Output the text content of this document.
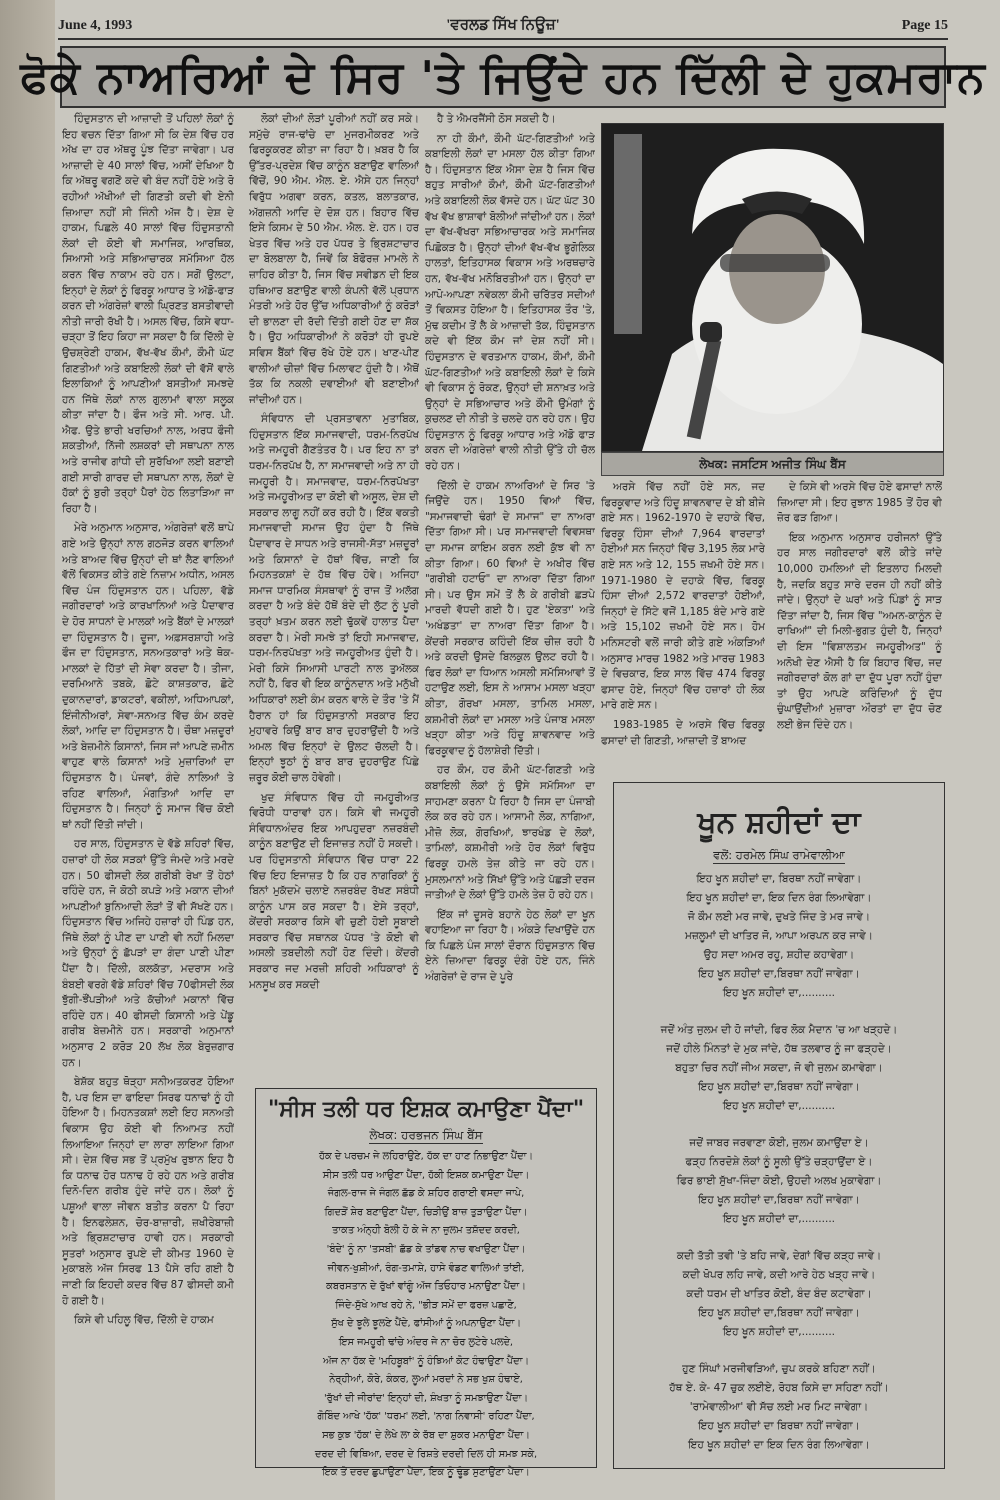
June 4, 1993	'ਵਰਲਡ ਸਿੱਖ ਨਿਊਜ਼'	Page 15
ਫੋਕੇ ਨਾਅਰਿਆਂ ਦੇ ਸਿਰ 'ਤੇ ਜਿਉਂਦੇ ਹਨ ਦਿੱਲੀ ਦੇ ਹੁਕਮਰਾਨ

ਹਿੰਦੁਸਤਾਨ ਦੀ ਆਜ਼ਾਦੀ ਤੋਂ ਪਹਿਲਾਂ ਲੋਕਾਂ ਨੂੰ ਇਹ ਵਚਨ ਦਿੱਤਾ ਗਿਆ ਸੀ ਕਿ ਦੇਸ਼ ਵਿੱਚ ਹਰ ਅੱਖ ਦਾ ਹਰ ਅੱਥਰੂ ਪੂੰਝ ਦਿੱਤਾ ਜਾਵੇਗਾ। ਪਰ ਆਜ਼ਾਦੀ ਦੇ 40 ਸਾਲਾਂ ਵਿੱਚ, ਅਸੀਂ ਦੇਖਿਆ ਹੈ ਕਿ ਅੱਥਰੂ ਵਗਣੋਂ ਕਦੇ ਵੀ ਬੰਦ ਨਹੀਂ ਹੋਏ ਅਤੇ ਰੋ ਰਹੀਆਂ ਅੱਖੀਆਂ ਦੀ ਗਿਣਤੀ ਕਦੀ ਵੀ ਏਨੀ ਜ਼ਿਆਦਾ ਨਹੀਂ ਸੀ ਜਿੰਨੀ ਅੱਜ ਹੈ। ਦੇਸ਼ ਦੇ ਹਾਕਮ, ਪਿਛਲੇ 40 ਸਾਲਾਂ ਵਿੱਚ ਹਿੰਦੁਸਤਾਨੀ ਲੋਕਾਂ ਦੀ ਕੋਈ ਵੀ ਸਮਾਜਿਕ, ਆਰਥਿਕ, ਸਿਆਸੀ ਅਤੇ ਸਭਿਆਚਾਰਕ ਸਮੱਸਿਆ ਹੱਲ ਕਰਨ ਵਿੱਚ ਨਾਕਾਮ ਰਹੇ ਹਨ। ਸਗੋਂ ਉਲਟਾ, ਇਨ੍ਹਾਂ ਦੇ ਲੋਕਾਂ ਨੂੰ ਫਿਰਕੂ ਆਧਾਰ ਤੇ ਅੱਡੋ-ਫਾੜ ਕਰਨ ਦੀ ਅੰਗਰੇਜ਼ਾਂ ਵਾਲੀ ਘ੍ਰਿਣਤ ਬਸਤੀਵਾਦੀ ਨੀਤੀ ਜਾਰੀ ਰੱਖੀ ਹੈ। ਅਸਲ ਵਿੱਚ, ਕਿਸੇ ਵਧਾ-ਚੜ੍ਹਾ ਤੋਂ ਇਹ ਕਿਹਾ ਜਾ ਸਕਦਾ ਹੈ ਕਿ ਦਿੱਲੀ ਦੇ ਉਚਸ਼੍ਰੇਣੀ ਹਾਕਮ, ਵੱਖ-ਵੱਖ ਕੌਮਾਂ, ਕੌਮੀ ਘੱਟ ਗਿਣਤੀਆਂ ਅਤੇ ਕਬਾਇਲੀ ਲੋਕਾਂ ਦੀ ਵੱਸੋਂ ਵਾਲੇ ਇਲਾਕਿਆਂ ਨੂੰ ਆਪਣੀਆਂ ਬਸਤੀਆਂ ਸਮਝਦੇ ਹਨ ਜਿੱਥੇ ਲੋਕਾਂ ਨਾਲ ਗੁਲਾਮਾਂ ਵਾਲਾ ਸਲੂਕ ਕੀਤਾ ਜਾਂਦਾ ਹੈ। ਫੌਜ ਅਤੇ ਸੀ. ਆਰ. ਪੀ. ਐਫ. ਉਤੇ ਭਾਰੀ ਖਰਚਿਆਂ ਨਾਲ, ਅਰਧ ਫੌਜੀ ਸ਼ਕਤੀਆਂ, ਨਿੱਜੀ ਲਸ਼ਕਰਾਂ ਦੀ ਸਥਾਪਨਾ ਨਾਲ ਅਤੇ ਰਾਜੀਵ ਗਾਂਧੀ ਦੀ ਸੁਰੱਖਿਆ ਲਈ ਬਣਾਈ ਗਈ ਸਾਰੀ ਗਾਰਦ ਦੀ ਸਥਾਪਨਾ ਨਾਲ, ਲੋਕਾਂ ਦੇ ਹੱਕਾਂ ਨੂੰ ਬੁਰੀ ਤਰ੍ਹਾਂ ਪੈਰਾਂ ਹੇਠ ਲਿਤਾੜਿਆ ਜਾ ਰਿਹਾ ਹੈ।

ਮੇਰੇ ਅਨੁਮਾਨ ਅਨੁਸਾਰ, ਅੰਗਰੇਜ਼ਾਂ ਵਲੋਂ ਥਾਪੇ ਗਏ ਅਤੇ ਉਨ੍ਹਾਂ ਨਾਲ ਗਠਜੋੜ ਕਰਨ ਵਾਲਿਆਂ ਅਤੇ ਬਾਅਦ ਵਿੱਚ ਉਨ੍ਹਾਂ ਦੀ ਥਾਂ ਲੈਣ ਵਾਲਿਆਂ ਵੱਲੋਂ ਵਿਕਸਤ ਕੀਤੇ ਗਏ ਨਿਜ਼ਾਮ ਅਧੀਨ, ਅਸਲ ਵਿੱਚ ਪੰਜ ਹਿੰਦੁਸਤਾਨ ਹਨ। ਪਹਿਲਾ, ਵੱਡੇ ਜਗੀਰਦਾਰਾਂ ਅਤੇ ਕਾਰਖਾਨਿਆਂ ਅਤੇ ਪੈਦਾਵਾਰ ਦੇ ਹੋਰ ਸਾਧਨਾਂ ਦੇ ਮਾਲਕਾਂ ਅਤੇ ਬੈਂਕਾਂ ਦੇ ਮਾਲਕਾਂ ਦਾ ਹਿੰਦੁਸਤਾਨ ਹੈ। ਦੂਜਾ, ਅਫ਼ਸਰਸ਼ਾਹੀ ਅਤੇ ਫੌਜ ਦਾ ਹਿੰਦੁਸਤਾਨ, ਸਨਅਤਕਾਰਾਂ ਅਤੇ ਥੋਕ-ਮਾਲਕਾਂ ਦੇ ਹਿੱਤਾਂ ਦੀ ਸੇਵਾ ਕਰਦਾ ਹੈ। ਤੀਜਾ, ਦਰਮਿਆਨੇ ਤਬਕੇ, ਛੋਟੇ ਕਾਸ਼ਤਕਾਰ, ਛੋਟੇ ਦੁਕਾਨਦਾਰਾਂ, ਡਾਕਟਰਾਂ, ਵਕੀਲਾਂ, ਅਧਿਆਪਕਾਂ, ਇੰਜੀਨੀਅਰਾਂ, ਸੇਵਾ-ਸਨਅਤ ਵਿੱਚ ਕੰਮ ਕਰਦੇ ਲੋਕਾਂ, ਆਦਿ ਦਾ ਹਿੰਦੁਸਤਾਨ ਹੈ। ਚੌਥਾ ਮਜ਼ਦੂਰਾਂ ਅਤੇ ਬੇਜ਼ਮੀਨੇ ਕਿਸਾਨਾਂ, ਜਿਸ ਜਾਂ ਆਪਣੇ ਜ਼ਮੀਨ ਵਾਹੁਣ ਵਾਲੇ ਕਿਸਾਨਾਂ ਅਤੇ ਮੁਜ਼ਾਰਿਆਂ ਦਾ ਹਿੰਦੁਸਤਾਨ ਹੈ। ਪੰਜਵਾਂ, ਗੰਦੇ ਨਾਲਿਆਂ ਤੇ ਰਹਿਣ ਵਾਲਿਆਂ, ਮੰਗਤਿਆਂ ਆਦਿ ਦਾ ਹਿੰਦੁਸਤਾਨ ਹੈ। ਜਿਨ੍ਹਾਂ ਨੂੰ ਸਮਾਜ ਵਿੱਚ ਕੋਈ ਥਾਂ ਨਹੀਂ ਦਿੱਤੀ ਜਾਂਦੀ।

ਹਰ ਸਾਲ, ਹਿੰਦੁਸਤਾਨ ਦੇ ਵੱਡੇ ਸ਼ਹਿਰਾਂ ਵਿੱਚ, ਹਜ਼ਾਰਾਂ ਹੀ ਲੋਕ ਸੜਕਾਂ ਉੱਤੇ ਜੰਮਦੇ ਅਤੇ ਮਰਦੇ ਹਨ। 50 ਫੀਸਦੀ ਲੋਕ ਗਰੀਬੀ ਰੇਖਾ ਤੋਂ ਹੇਠਾਂ ਰਹਿੰਦੇ ਹਨ, ਜੋ ਕੋਠੀ ਕਪੜੇ ਅਤੇ ਮਕਾਨ ਦੀਆਂ ਆਪਣੀਆਂ ਬੁਨਿਆਦੀ ਲੋੜਾਂ ਤੋਂ ਵੀ ਸੱਖਣੇ ਹਨ। ਹਿੰਦੁਸਤਾਨ ਵਿੱਚ ਅਜਿਹੇ ਹਜ਼ਾਰਾਂ ਹੀ ਪਿੰਡ ਹਨ, ਜਿੱਥੇ ਲੋਕਾਂ ਨੂੰ ਪੀਣ ਦਾ ਪਾਣੀ ਵੀ ਨਹੀਂ ਮਿਲਦਾ ਅਤੇ ਉਨ੍ਹਾਂ ਨੂੰ ਛੱਪੜਾਂ ਦਾ ਗੰਦਾ ਪਾਣੀ ਪੀਣਾ ਪੈਂਦਾ ਹੈ। ਦਿੱਲੀ, ਕਲਕੱਤਾ, ਮਦਰਾਸ ਅਤੇ ਬੰਬਈ ਵਰਗੇ ਵੱਡੇ ਸ਼ਹਿਰਾਂ ਵਿੱਚ 70ਫੀਸਦੀ ਲੋਕ ਝੁੱਗੀ-ਝੌਂਪੜੀਆਂ ਅਤੇ ਕੱਚੀਆਂ ਮਕਾਨਾਂ ਵਿੱਚ ਰਹਿੰਦੇ ਹਨ। 40 ਫੀਸਦੀ ਕਿਸਾਨੀ ਅਤੇ ਪੇਂਡੂ ਗਰੀਬ ਬੇਜ਼ਮੀਨੇ ਹਨ। ਸਰਕਾਰੀ ਅਨੁਮਾਨਾਂ ਅਨੁਸਾਰ 2 ਕਰੋੜ 20 ਲੱਖ ਲੋਕ ਬੇਰੁਜ਼ਗਾਰ ਹਨ।

ਬੇਸ਼ੱਕ ਬਹੁਤ ਥੋੜ੍ਹਾ ਸਨੀਅਤਕਰਣ ਹੋਇਆ ਹੈ, ਪਰ ਇਸ ਦਾ ਫਾਇਦਾ ਸਿਰਫ ਧਨਾਢਾਂ ਨੂੰ ਹੀ ਹੋਇਆ ਹੈ। ਮਿਹਨਤਕਸ਼ਾਂ ਲਈ ਇਹ ਸਨਅਤੀ ਵਿਕਾਸ ਉਹ ਕੋਈ ਵੀ ਨਿਆਮਤ ਨਹੀਂ ਲਿਆਇਆ ਜਿਨ੍ਹਾਂ ਦਾ ਲਾਰਾ ਲਾਇਆ ਗਿਆ ਸੀ। ਦੇਸ਼ ਵਿੱਚ ਸਭ ਤੋਂ ਪ੍ਰਮੁੱਖ ਰੁਝਾਨ ਇਹ ਹੈ ਕਿ ਧਨਾਢ ਹੋਰ ਧਨਾਢ ਹੋ ਰਹੇ ਹਨ ਅਤੇ ਗਰੀਬ ਦਿਨੋ-ਦਿਨ ਗਰੀਬ ਹੁੰਦੇ ਜਾਂਦੇ ਹਨ। ਲੋਕਾਂ ਨੂੰ ਪਸ਼ੂਆਂ ਵਾਲਾ ਜੀਵਨ ਬਤੀਤ ਕਰਨਾ ਪੈ ਰਿਹਾ ਹੈ। ਇਨਫਲੇਸ਼ਨ, ਚੋਰ-ਬਾਜ਼ਾਰੀ, ਜ਼ਖੀਰੇਬਾਜ਼ੀ ਅਤੇ ਭ੍ਰਿਸ਼ਟਾਚਾਰ ਹਾਵੀ ਹਨ। ਸਰਕਾਰੀ ਸੂਤਰਾਂ ਅਨੁਸਾਰ ਰੁਪਏ ਦੀ ਕੀਮਤ 1960 ਦੇ ਮੁਕਾਬਲੇ ਅੱਜ ਸਿਰਫ 13 ਪੈਸੇ ਰਹਿ ਗਈ ਹੈ ਜਾਣੀ ਕਿ ਇਹਦੀ ਕਦਰ ਵਿੱਚ 87 ਫੀਸਦੀ ਕਮੀ ਹੋ ਗਈ ਹੈ।

ਕਿਸੇ ਵੀ ਪਹਿਲੂ ਵਿੱਚ, ਦਿੱਲੀ ਦੇ ਹਾਕਮ

ਲੋਕਾਂ ਦੀਆਂ ਲੋੜਾਂ ਪੂਰੀਆਂ ਨਹੀਂ ਕਰ ਸਕੇ। ਸਮੁੱਚੇ ਰਾਜ-ਢਾਂਚੇ ਦਾ ਮੁਜਰਮੀਕਰਣ ਅਤੇ ਫਿਰਕੂਕਰਣ ਕੀਤਾ ਜਾ ਰਿਹਾ ਹੈ। ਖ਼ਬਰ ਹੈ ਕਿ ਉੱਤਰ-ਪ੍ਰਦੇਸ਼ ਵਿੱਚ ਕਾਨੂੰਨ ਬਣਾਉਣ ਵਾਲਿਆਂ ਵਿੱਚੋਂ, 90 ਐਮ. ਐਲ. ਏ. ਐਸੇ ਹਨ ਜਿਨ੍ਹਾਂ ਵਿਰੁੱਧ ਅਗਵਾ ਕਰਨ, ਕਤਲ, ਬਲਾਤਕਾਰ, ਅੱਗਜ਼ਨੀ ਆਦਿ ਦੇ ਦੋਸ਼ ਹਨ। ਬਿਹਾਰ ਵਿੱਚ ਇਸੇ ਕਿਸਮ ਦੇ 50 ਐਮ. ਐਲ. ਏ. ਹਨ। ਹਰ ਖੇਤਰ ਵਿੱਚ ਅਤੇ ਹਰ ਪੱਧਰ ਤੇ ਭ੍ਰਿਸ਼ਟਾਚਾਰ ਦਾ ਬੋਲਬਾਲਾ ਹੈ, ਜਿਵੇਂ ਕਿ ਬੋਫੋਰਜ਼ ਮਾਮਲੇ ਨੇ ਜ਼ਾਹਿਰ ਕੀਤਾ ਹੈ, ਜਿਸ ਵਿੱਚ ਸਵੀਡਨ ਦੀ ਇਕ ਹਥਿਆਰ ਬਣਾਉਣ ਵਾਲੀ ਕੰਪਨੀ ਵੱਲੋਂ ਪ੍ਰਧਾਨ ਮੰਤਰੀ ਅਤੇ ਹੋਰ ਉੱਚ ਅਧਿਕਾਰੀਆਂ ਨੂੰ ਕਰੋੜਾਂ ਦੀ ਭਾਲਣਾ ਦੀ ਰੱਦੀ ਦਿੱਤੀ ਗਈ ਹੋਣ ਦਾ ਸ਼ੱਕ ਹੈ। ਉਹ ਅਧਿਕਾਰੀਆਂ ਨੇ ਕਰੋੜਾਂ ਹੀ ਰੁਪਏ ਸਵਿਸ ਬੈਂਕਾਂ ਵਿੱਚ ਰੱਖੇ ਹੋਏ ਹਨ। ਖਾਣ-ਪੀਣ ਵਾਲੀਆਂ ਚੀਜ਼ਾਂ ਵਿੱਚ ਮਿਲਾਵਟ ਹੁੰਦੀ ਹੈ। ਐਥੋਂ ਤੱਕ ਕਿ ਨਕਲੀ ਦਵਾਈਆਂ ਵੀ ਬਣਾਈਆਂ ਜਾਂਦੀਆਂ ਹਨ।

ਸੰਵਿਧਾਨ ਦੀ ਪ੍ਰਸਤਾਵਨਾ ਮੁਤਾਬਿਕ, ਹਿੰਦੁਸਤਾਨ ਇੱਕ ਸਮਾਜਵਾਦੀ, ਧਰਮ-ਨਿਰਪੱਖ ਅਤੇ ਜਮਹੂਰੀ ਗੈਣਤੰਤਰ ਹੈ। ਪਰ ਇਹ ਨਾ ਤਾਂ ਧਰਮ-ਨਿਰਪੱਖ ਹੈ, ਨਾ ਸਮਾਜਵਾਦੀ ਅਤੇ ਨਾ ਹੀ ਜਮਹੂਰੀ ਹੈ। ਸਮਾਜਵਾਦ, ਧਰਮ-ਨਿਰਪੱਖਤਾ ਅਤੇ ਜਮਹੂਰੀਅਤ ਦਾ ਕੋਈ ਵੀ ਅਸੂਲ, ਦੇਸ਼ ਦੀ ਸਰਕਾਰ ਲਾਗੂ ਨਹੀਂ ਕਰ ਰਹੀ ਹੈ। ਇੱਕ ਵਕਤੀ ਸਮਾਜਵਾਦੀ ਸਮਾਜ ਉਹ ਹੁੰਦਾ ਹੈ ਜਿੱਥੇ ਪੈਦਾਵਾਰ ਦੇ ਸਾਧਨ ਅਤੇ ਰਾਜਸੀ-ਸੱਤਾ ਮਜ਼ਦੂਰਾਂ ਅਤੇ ਕਿਸਾਨਾਂ ਦੇ ਹੱਥਾਂ ਵਿੱਚ, ਜਾਣੀ ਕਿ ਮਿਹਨਤਕਸ਼ਾਂ ਦੇ ਹੱਥ ਵਿੱਚ ਹੋਵੇ। ਅਜਿਹਾ ਸਮਾਜ ਧਾਰਮਿਕ ਸੰਸਥਾਵਾਂ ਨੂੰ ਰਾਜ ਤੋਂ ਅਲੱਗ ਕਰਦਾ ਹੈ ਅਤੇ ਬੰਦੇ ਹੱਥੋਂ ਬੰਦੇ ਦੀ ਲੁੱਟ ਨੂੰ ਪੂਰੀ ਤਰ੍ਹਾਂ ਖ਼ਤਮ ਕਰਨ ਲਈ ਢੁੱਕਵੇਂ ਹਾਲਾਤ ਪੈਦਾ ਕਰਦਾ ਹੈ। ਮੇਰੀ ਸਮਝੇ ਤਾਂ ਇਹੀ ਸਮਾਜਵਾਦ, ਧਰਮ-ਨਿਰਪੱਖਤਾ ਅਤੇ ਜਮਹੂਰੀਅਤ ਹੁੰਦੀ ਹੈ। ਮੇਰੀ ਕਿਸੇ ਸਿਆਸੀ ਪਾਰਟੀ ਨਾਲ ਤੁਅੱਲਕ ਨਹੀਂ ਹੈ, ਫਿਰ ਵੀ ਇਕ ਕਾਨੂੰਨਦਾਨ ਅਤੇ ਮਨੁੱਖੀ ਅਧਿਕਾਰਾਂ ਲਈ ਕੰਮ ਕਰਨ ਵਾਲੇ ਦੇ ਤੌਰ 'ਤੇ ਮੈਂ ਹੈਰਾਨ ਹਾਂ ਕਿ ਹਿੰਦੁਸਤਾਨੀ ਸਰਕਾਰ ਇਹ ਮੁਹਾਵਰੇ ਕਿਉਂ ਬਾਰ ਬਾਰ ਦੁਹਰਾਉਂਦੀ ਹੈ ਅਤੇ ਅਮਲ ਵਿੱਚ ਇਨ੍ਹਾਂ ਦੇ ਉਲਟ ਚੱਲਦੀ ਹੈ। ਇਨ੍ਹਾਂ ਝੂਠਾਂ ਨੂੰ ਬਾਰ ਬਾਰ ਦੁਹਰਾਉਣ ਪਿੱਛੇ ਜ਼ਰੂਰ ਕੋਈ ਚਾਲ ਹੋਵੇਗੀ।

ਖੁਦ ਸੰਵਿਧਾਨ ਵਿੱਚ ਹੀ ਜਮਹੂਰੀਅਤ ਵਿਰੋਧੀ ਧਾਰਾਵਾਂ ਹਨ। ਕਿਸੇ ਵੀ ਜਮਹੂਰੀ ਸੰਵਿਧਾਨਅੰਦਰ ਇਕ ਆਪਹੁਦਰਾ ਨਜ਼ਰਬੰਦੀ ਕਾਨੂੰਨ ਬਣਾਉਣ ਦੀ ਇਜਾਜ਼ਤ ਨਹੀਂ ਹੋ ਸਕਦੀ। ਪਰ ਹਿੰਦੁਸਤਾਨੀ ਸੰਵਿਧਾਨ ਵਿੱਚ ਧਾਰਾ 22 ਵਿੱਚ ਇਹ ਇਜਾਜ਼ਤ ਹੈ ਕਿ ਹਰ ਨਾਗਰਿਕਾਂ ਨੂੰ ਬਿਨਾਂ ਮੁਕੱਦਮੇ ਚਲਾਏ ਨਜ਼ਰਬੰਦ ਰੱਖਣ ਸਬੰਧੀ ਕਾਨੂੰਨ ਪਾਸ ਕਰ ਸਕਦਾ ਹੈ। ਏਸੇ ਤਰ੍ਹਾਂ, ਕੇਂਦਰੀ ਸਰਕਾਰ ਕਿਸੇ ਵੀ ਚੁਣੀ ਹੋਈ ਸੂਬਾਈ ਸਰਕਾਰ ਵਿੱਚ ਸਥਾਨਕ ਪੱਧਰ 'ਤੇ ਕੋਈ ਵੀ ਅਸਲੀ ਤਬਦੀਲੀ ਨਹੀਂ ਹੋਣ ਦਿੰਦੀ। ਕੇਂਦਰੀ ਸਰਕਾਰ ਜਦ ਮਰਜ਼ੀ ਸ਼ਹਿਰੀ ਅਧਿਕਾਰਾਂ ਨੂੰ ਮਨਸੂਖ ਕਰ ਸਕਦੀ

ਹੈ ਤੇ ਐਮਰਜੈਂਸੀ ਠੋਸ ਸਕਦੀ ਹੈ।

ਨਾ ਹੀ ਕੌਮਾਂ, ਕੌਮੀ ਘੱਟ-ਗਿਣਤੀਆਂ ਅਤੇ ਕਬਾਇਲੀ ਲੋਕਾਂ ਦਾ ਮਸਲਾ ਹੱਲ ਕੀਤਾ ਗਿਆ ਹੈ। ਹਿੰਦੁਸਤਾਨ ਇੱਕ ਐਸਾ ਦੇਸ਼ ਹੈ ਜਿਸ ਵਿੱਚ ਬਹੁਤ ਸਾਰੀਆਂ ਕੌਮਾਂ, ਕੌਮੀ ਘੱਟ-ਗਿਣਤੀਆਂ ਅਤੇ ਕਬਾਇਲੀ ਲੋਕ ਵੱਸਦੇ ਹਨ। ਘੱਟ ਘੱਟ 30 ਵੱਖ ਵੱਖ ਭਾਸ਼ਾਵਾਂ ਬੋਲੀਆਂ ਜਾਂਦੀਆਂ ਹਨ। ਲੋਕਾਂ ਦਾ ਵੱਖ-ਵੱਖਰਾ ਸਭਿਆਚਾਰਕ ਅਤੇ ਸਮਾਜਿਕ ਪਿਛੋਕੜ ਹੈ। ਉਨ੍ਹਾਂ ਦੀਆਂ ਵੱਖ-ਵੱਖ ਭੂਗੋਲਿਕ ਹਾਲਤਾਂ, ਇਤਿਹਾਸਕ ਵਿਕਾਸ ਅਤੇ ਅਰਥਚਾਰੇ ਹਨ, ਵੱਖ-ਵੱਖ ਮਨੋਬਿਰਤੀਆਂ ਹਨ। ਉਨ੍ਹਾਂ ਦਾ ਆਪੋ-ਆਪਣਾ ਨਵੇਕਲਾ ਕੌਮੀ ਚਰਿੱਤਰ ਸਦੀਆਂ ਤੋਂ ਵਿਕਸਤ ਹੋਇਆ ਹੈ। ਇਤਿਹਾਸਕ ਤੌਰ 'ਤੇ, ਮੁੱਢ ਕਦੀਮ ਤੋਂ ਲੈ ਕੇ ਆਜ਼ਾਦੀ ਤੱਕ, ਹਿੰਦੁਸਤਾਨ ਕਦੇ ਵੀ ਇੱਕ ਕੌਮ ਜਾਂ ਦੇਸ਼ ਨਹੀਂ ਸੀ। ਹਿੰਦੁਸਤਾਨ ਦੇ ਵਰਤਮਾਨ ਹਾਕਮ, ਕੌਮਾਂ, ਕੌਮੀ ਘੱਟ-ਗਿਣਤੀਆਂ ਅਤੇ ਕਬਾਇਲੀ ਲੋਕਾਂ ਦੇ ਕਿਸੇ ਵੀ ਵਿਕਾਸ ਨੂੰ ਰੋਕਣ, ਉਨ੍ਹਾਂ ਦੀ ਸ਼ਨਾਖ਼ਤ ਅਤੇ ਉਨ੍ਹਾਂ ਦੇ ਸਭਿਆਚਾਰ ਅਤੇ ਕੌਮੀ ਉਮੰਗਾਂ ਨੂੰ ਕੁਚਲਣ ਦੀ ਨੀਤੀ ਤੇ ਚਲਦੇ ਹਨ ਰਹੇ ਹਨ। ਉਹ ਹਿੰਦੁਸਤਾਨ ਨੂੰ ਫਿਰਕੂ ਆਧਾਰ ਅਤੇ ਅੱਡੋ ਫਾੜ ਕਰਨ ਦੀ ਅੰਗਰੇਜ਼ਾਂ ਵਾਲੀ ਨੀਤੀ ਉੱਤੇ ਹੀ ਚੱਲ ਰਹੇ ਹਨ।

ਦਿੱਲੀ ਦੇ ਹਾਕਮ ਨਾਅਰਿਆਂ ਦੇ ਸਿਰ 'ਤੇ ਜਿਉਂਦੇ ਹਨ। 1950 ਵਿਆਂ ਵਿੱਚ, "ਸਮਾਜਵਾਦੀ ਢੰਗਾਂ ਦੇ ਸਮਾਜ" ਦਾ ਨਾਅਰਾ ਦਿੱਤਾ ਗਿਆ ਸੀ। ਪਰ ਸਮਾਜਵਾਦੀ ਵਿਵਸਥਾ ਦਾ ਸਮਾਜ ਕਾਇਮ ਕਰਨ ਲਈ ਕੁੱਝ ਵੀ ਨਾ ਕੀਤਾ ਗਿਆ। 60 ਵਿਆਂ ਦੇ ਅਖੀਰ ਵਿੱਚ "ਗਰੀਬੀ ਹਟਾਓ" ਦਾ ਨਾਅਰਾ ਦਿੱਤਾ ਗਿਆ ਸੀ। ਪਰ ਉਸ ਸਮੇਂ ਤੋਂ ਲੈ ਕੇ ਗਰੀਬੀ ਛੜਪੇ ਮਾਰਦੀ ਵੱਧਦੀ ਗਈ ਹੈ। ਹੁਣ 'ਏਕਤਾ' ਅਤੇ 'ਅਖੰਡਤਾ' ਦਾ ਨਾਅਰਾ ਦਿੱਤਾ ਗਿਆ ਹੈ। ਕੇਂਦਰੀ ਸਰਕਾਰ ਕਹਿੰਦੀ ਇੱਕ ਚੀਜ਼ ਰਹੀ ਹੈ ਅਤੇ ਕਰਦੀ ਉਸਦੇ ਬਿਲਕੁਲ ਉਲਟ ਰਹੀ ਹੈ। ਫਿਰ ਲੋਕਾਂ ਦਾ ਧਿਆਨ ਅਸਲੀ ਸਮੱਸਿਆਵਾਂ ਤੋਂ ਹਟਾਉਣ ਲਈ, ਇਸ ਨੇ ਆਸਾਮ ਮਸਲਾ ਖੜ੍ਹਾ ਕੀਤਾ, ਗੋਰਖਾ ਮਸਲਾ, ਤਾਮਿਲ ਮਸਲਾ, ਕਸ਼ਮੀਰੀ ਲੋਕਾਂ ਦਾ ਮਸਲਾ ਅਤੇ ਪੰਜਾਬ ਮਸਲਾ ਖੜ੍ਹਾ ਕੀਤਾ ਅਤੇ ਹਿੰਦੂ ਸ਼ਾਵਨਵਾਦ ਅਤੇ ਫਿਰਕੂਵਾਦ ਨੂੰ ਹੱਲਾਸ਼ੇਰੀ ਦਿੱਤੀ।

ਹਰ ਕੌਮ, ਹਰ ਕੌਮੀ ਘੱਟ-ਗਿਣਤੀ ਅਤੇ ਕਬਾਇਲੀ ਲੋਕਾਂ ਨੂੰ ਉਸੇ ਸਮੱਸਿਆ ਦਾ ਸਾਹਮਣਾ ਕਰਨਾ ਪੈ ਰਿਹਾ ਹੈ ਜਿਸ ਦਾ ਪੰਜਾਬੀ ਲੋਕ ਕਰ ਰਹੇ ਹਨ। ਆਸਾਮੀ ਲੋਕ, ਨਾਗਿਆ, ਮੀਜ਼ੋ ਲੋਕ, ਗੋਰਖਿਆਂ, ਝਾਰਖੰਡ ਦੇ ਲੋਕਾਂ, ਤਾਮਿਲਾਂ, ਕਸ਼ਮੀਰੀ ਅਤੇ ਹੋਰ ਲੋਕਾਂ ਵਿਰੁੱਧ ਫਿਰਕੂ ਹਮਲੇ ਤੇਜ਼ ਕੀਤੇ ਜਾ ਰਹੇ ਹਨ। ਮੁਸਲਮਾਨਾਂ ਅਤੇ ਸਿੱਖਾਂ ਉੱਤੇ ਅਤੇ ਪੱਛੜੀ ਦਰਜ ਜਾਤੀਆਂ ਦੇ ਲੋਕਾਂ ਉੱਤੇ ਹਮਲੇ ਤੇਜ਼ ਹੋ ਰਹੇ ਹਨ।

ਇੱਕ ਜਾਂ ਦੂਸਰੇ ਬਹਾਨੇ ਹੇਠ ਲੋਕਾਂ ਦਾ ਖੂਨ ਵਹਾਇਆ ਜਾ ਰਿਹਾ ਹੈ। ਅੰਕੜੇ ਦਿਖਾਉਂਦੇ ਹਨ ਕਿ ਪਿਛਲੇ ਪੰਜ ਸਾਲਾਂ ਦੌਰਾਨ ਹਿੰਦੁਸਤਾਨ ਵਿੱਚ ਏਨੇ ਜ਼ਿਆਦਾ ਫਿਰਕੂ ਦੰਗੇ ਹੋਏ ਹਨ, ਜਿੰਨੇ ਅੰਗਰੇਜ਼ਾਂ ਦੇ ਰਾਜ ਦੇ ਪੂਰੇ

ਲੇਖਕ: ਜਸਟਿਸ ਅਜੀਤ ਸਿੰਘ ਬੈਂਸ

ਅਰਸੇ ਵਿੱਚ ਨਹੀਂ ਹੋਏ ਸਨ, ਜਦ ਫਿਰਕੂਵਾਦ ਅਤੇ ਹਿੰਦੂ ਸ਼ਾਵਨਵਾਦ ਦੇ ਬੀ ਬੀਜੇ ਗਏ ਸਨ। 1962-1970 ਦੇ ਦਹਾਕੇ ਵਿੱਚ, ਫਿਰਕੂ ਹਿੰਸਾ ਦੀਆਂ 7,964 ਵਾਰਦਾਤਾਂ ਹੋਈਆਂ ਸਨ ਜਿਨ੍ਹਾਂ ਵਿੱਚ 3,195 ਲੋਕ ਮਾਰੇ ਗਏ ਸਨ ਅਤੇ 12, 155 ਜ਼ਖਮੀ ਹੋਏ ਸਨ। 1971-1980 ਦੇ ਦਹਾਕੇ ਵਿੱਚ, ਫਿਰਕੂ ਹਿੰਸਾ ਦੀਆਂ 2,572 ਵਾਰਦਾਤਾਂ ਹੋਈਆਂ, ਜਿਨ੍ਹਾਂ ਦੇ ਸਿੱਟੇ ਵਜੋਂ 1,185 ਬੰਦੇ ਮਾਰੇ ਗਏ ਅਤੇ 15,102 ਜ਼ਖਮੀ ਹੋਏ ਸਨ। ਹੋਮ ਮਨਿਸਟਰੀ ਵਲੋਂ ਜਾਰੀ ਕੀਤੇ ਗਏ ਅੰਕੜਿਆਂ ਅਨੁਸਾਰ ਮਾਰਚ 1982 ਅਤੇ ਮਾਰਚ 1983 ਦੇ ਵਿਚਕਾਰ, ਇਕ ਸਾਲ ਵਿੱਚ 474 ਫਿਰਕੂ ਫਸਾਦ ਹੋਏ, ਜਿਨ੍ਹਾਂ ਵਿੱਚ ਹਜ਼ਾਰਾਂ ਹੀ ਲੋਕ ਮਾਰੇ ਗਏ ਸਨ।

1983-1985 ਦੇ ਅਰਸੇ ਵਿੱਚ ਫਿਰਕੂ ਫਸਾਦਾਂ ਦੀ ਗਿਣਤੀ, ਆਜ਼ਾਦੀ ਤੋਂ ਬਾਅਦ

ਦੇ ਕਿਸੇ ਵੀ ਅਰਸੇ ਵਿੱਚ ਹੋਏ ਫਸਾਦਾਂ ਨਾਲੋਂ ਜ਼ਿਆਦਾ ਸੀ। ਇਹ ਰੁਝਾਨ 1985 ਤੋਂ ਹੋਰ ਵੀ ਜ਼ੋਰ ਫੜ ਗਿਆ।

ਇਕ ਅਨੁਮਾਨ ਅਨੁਸਾਰ ਹਰੀਜਨਾਂ ਉੱਤੇ ਹਰ ਸਾਲ ਜਗੀਰਦਾਰਾਂ ਵਲੋਂ ਕੀਤੇ ਜਾਂਦੇ 10,000 ਹਮਲਿਆਂ ਦੀ ਇਤਲਾਹ ਮਿਲਦੀ ਹੈ, ਜਦਕਿ ਬਹੁਤ ਸਾਰੇ ਦਰਜ ਹੀ ਨਹੀਂ ਕੀਤੇ ਜਾਂਦੇ। ਉਨ੍ਹਾਂ ਦੇ ਘਰਾਂ ਅਤੇ ਪਿੰਡਾਂ ਨੂੰ ਸਾੜ ਦਿੱਤਾ ਜਾਂਦਾ ਹੈ, ਜਿਸ ਵਿੱਚ "ਅਮਨ-ਕਾਨੂੰਨ ਦੇ ਰਾਖਿਆਂ" ਦੀ ਮਿਲੀ-ਭੁਗਤ ਹੁੰਦੀ ਹੈ, ਜਿਨ੍ਹਾਂ ਦੀ ਇਸ "ਵਿਸ਼ਾਲਤਮ ਜਮਹੂਰੀਅਤ" ਨੂੰ ਅਨੋਖੀ ਦੇਣ ਐਸੀ ਹੈ ਕਿ ਬਿਹਾਰ ਵਿੱਚ, ਜਦ ਜਗੀਰਦਾਰਾਂ ਕੋਲ ਗਾਂ ਦਾ ਦੁੱਧ ਪੂਰਾ ਨਹੀਂ ਹੁੰਦਾ ਤਾਂ ਉਹ ਆਪਣੇ ਕਰਿੰਦਿਆਂ ਨੂੰ ਦੁੱਧ ਚੁੰਘਾਉਂਦੀਆਂ ਮੁਜ਼ਾਰਾ ਔਰਤਾਂ ਦਾ ਦੁੱਧ ਚੋਣ ਲਈ ਭੇਜ ਦਿੰਦੇ ਹਨ।

ਖੂਨ ਸ਼ਹੀਦਾਂ ਦਾ
ਵਲੋਂ: ਹਰਮੇਲ ਸਿੰਘ ਰਾਮੇਵਾਲੀਆ
ਇਹ ਖੂਨ ਸ਼ਹੀਦਾਂ ਦਾ, ਬਿਰਥਾ ਨਹੀਂ ਜਾਵੇਗਾ।
ਇਹ ਖੂਨ ਸ਼ਹੀਦਾਂ ਦਾ, ਇਕ ਦਿਨ ਰੰਗ ਲਿਆਵੇਗਾ।
ਜੋ ਕੌਮ ਲਈ ਮਰ ਜਾਵੇ, ਦੁਖਤੇ ਜਿੰਦ ਤੇ ਮਰ ਜਾਵੇ।
ਮਜ਼ਲੂਮਾਂ ਦੀ ਖਾਤਿਰ ਜੋ, ਆਪਾ ਅਰਪਨ ਕਰ ਜਾਵੇ।
ਉਹ ਸਦਾ ਅਮਰ ਰਹੂ, ਸ਼ਹੀਦ ਕਹਾਵੇਗਾ।
ਇਹ ਖੂਨ ਸ਼ਹੀਦਾਂ ਦਾ,ਬਿਰਥਾ ਨਹੀਂ ਜਾਵੇਗਾ।
ਇਹ ਖੂਨ ਸ਼ਹੀਦਾਂ ਦਾ,..........
ਜਦੋਂ ਅੰਤ ਜੁਲਮ ਦੀ ਹੋ ਜਾਂਦੀ, ਫਿਰ ਲੋਕ ਮੈਦਾਨ 'ਚ ਆ ਖੜ੍ਹਦੇ।
ਜਦੋਂ ਹੀਲੇ ਮਿੰਨਤਾਂ ਦੇ ਮੁਕ ਜਾਂਦੇ, ਹੱਥ ਤਲਵਾਰ ਨੂੰ ਜਾ ਫੜ੍ਹਦੇ।
ਬਹੁਤਾ ਚਿਰ ਨਹੀਂ ਜੀਅ ਸਕਦਾ, ਜੋ ਵੀ ਜੁਲਮ ਕਮਾਵੇਗਾ।
ਇਹ ਖੂਨ ਸ਼ਹੀਦਾਂ ਦਾ,ਬਿਰਥਾ ਨਹੀਂ ਜਾਵੇਗਾ।
ਇਹ ਖੂਨ ਸ਼ਹੀਦਾਂ ਦਾ,..........
ਜਦੋਂ ਜਾਬਰ ਜਰਵਾਣਾ ਕੋਈ, ਜੁਲਮ ਕਮਾਉਂਦਾ ਏ।
ਫੜ੍ਹ ਨਿਰਦੋਸ਼ੇ ਲੋਕਾਂ ਨੂੰ ਸੂਲੀ ਉੱਤੇ ਚੜ੍ਹਾਉਂਦਾ ਏ।
ਫਿਰ ਭਾਈ ਸੁੱਖਾ-ਜਿੰਦਾ ਕੋਈ, ਉਹਦੀ ਅਲਖ ਮੁਕਾਵੇਗਾ।
ਇਹ ਖੂਨ ਸ਼ਹੀਦਾਂ ਦਾ,ਬਿਰਥਾ ਨਹੀਂ ਜਾਵੇਗਾ।
ਇਹ ਖੂਨ ਸ਼ਹੀਦਾਂ ਦਾ,..........
ਕਦੀ ਤੱਤੀ ਤਵੀ 'ਤੇ ਬਹਿ ਜਾਵੇ, ਦੇਗਾਂ ਵਿੱਚ ਕੜ੍ਹ ਜਾਵੇ।
ਕਦੀ ਖੋਪਰ ਲਹਿ ਜਾਵੇ, ਕਦੀ ਆਰੇ ਹੇਠ ਖੜ੍ਹ ਜਾਵੇ।
ਕਦੀ ਧਰਮ ਦੀ ਖਾਤਿਰ ਕੋਈ, ਬੰਦ ਬੰਦ ਕਟਾਵੇਗਾ।
ਇਹ ਖੂਨ ਸ਼ਹੀਦਾਂ ਦਾ,ਬਿਰਥਾ ਨਹੀਂ ਜਾਵੇਗਾ।
ਇਹ ਖੂਨ ਸ਼ਹੀਦਾਂ ਦਾ,..........
ਹੁਣ ਸਿੰਘਾਂ ਮਰਜੀਵੜਿਆਂ, ਚੁਪ ਕਰਕੇ ਬਹਿਣਾ ਨਹੀਂ।
ਹੱਥ ਏ. ਕੇ- 47 ਚੁਕ ਲਈਏ, ਰੋਹਬ ਕਿਸੇ ਦਾ ਸਹਿਣਾ ਨਹੀਂ।
'ਰਾਮੇਵਾਲੀਆ' ਵੀ ਸੱਚ ਲਈ ਮਰ ਮਿਟ ਜਾਵੇਗਾ।
ਇਹ ਖੂਨ ਸ਼ਹੀਦਾਂ ਦਾ ਬਿਰਥਾ ਨਹੀਂ ਜਾਵੇਗਾ।
ਇਹ ਖੂਨ ਸ਼ਹੀਦਾਂ ਦਾ ਇਕ ਦਿਨ ਰੰਗ ਲਿਆਵੇਗਾ।
"ਸੀਸ ਤਲੀ ਧਰ ਇਸ਼ਕ ਕਮਾਉਣਾ ਪੈਂਦਾ"
ਲੇਖਕ: ਹਰਭਜਨ ਸਿੰਘ ਬੈਂਸ
ਹੱਕ ਦੇ ਪਰਚਮ ਜੇ ਲਹਿਰਾਉਣੇ, ਹੱਕ ਦਾ ਹਾਣ ਨਿਭਾਉਣਾ ਪੈਂਦਾ।
ਸੀਸ ਤਲੀ ਧਰ ਆਉਣਾ ਪੈਂਦਾ, ਹੱਕੀ ਇਸ਼ਕ ਕਮਾਉਣਾ ਪੈਂਦਾ।
ਜੰਗਲ-ਰਾਜ ਜੇ ਜੰਗਲ ਛੱਡ ਕੇ ਸ਼ਹਿਰ ਗਰਾਈ ਵਸਦਾ ਜਾਪੇ,
ਗਿਦੜੋਂ ਸ਼ੇਰ ਬਣਾਉਣਾ ਪੈਂਦਾ, ਚਿੜੀਉਂ ਬਾਜ਼ ਤੁੜਾਉਣਾ ਪੈਂਦਾ।
ਤਾਕਤ ਅੰਨ੍ਹੀ ਬੋਲੀ ਹੋ ਕੇ ਜੇ ਨਾ ਜ਼ੁਲਮ ਤਸ਼ੱਦਦ ਕਰਦੀ,
'ਬੰਦੇ' ਨੂੰ ਨਾ 'ਤਸਬੀ' ਛੱਡ ਕੇ ਤਾਂਡਵ ਨਾਚ ਵਖਾਉਣਾ ਪੈਂਦਾ।
ਜੀਵਨ-ਖੁਸ਼ੀਆਂ, ਰੰਗ-ਤਮਾਸ਼ੇ, ਹਾਸੇ ਵੰਡਣ ਵਾਲਿਆਂ ਤਾਂਈ,
ਕਬਰਸਤਾਨ ਦੇ ਰੁੱਖਾਂ ਵਾਂਗੂੰ ਅੱਜ ਤਿਓਹਾਰ ਮਨਾਉਣਾ ਪੈਂਦਾ।
ਜਿੰਦੇ-ਸੁੱਖੇ ਆਖ ਰਹੇ ਨੇ, "ਭੀੜ ਸਮੇਂ ਦਾ ਫਰਜ਼ ਪਛਾਣੋ,
ਸੁੱਖ ਦੇ ਝੂਲੇ ਝੂਲਣੇ ਪੈਂਦੇ, ਫਾਂਸੀਆਂ ਨੂੰ ਅਪਨਾਉਣਾ ਪੈਂਦਾ।
ਇਸ ਜਮਹੂਰੀ ਢਾਂਚੇ ਅੰਦਰ ਜੇ ਨਾ ਚੋਰ ਲੁਟੇਰੇ ਪਲਦੇ,
ਅੱਜ ਨਾ ਹੱਕ ਦੇ 'ਮਹਿਬੂਬਾਂ' ਨੂੰ ਹੰਝਿਆਂ ਕੋਟ ਹੰਢਾਉਣਾ ਪੈਂਦਾ।
ਨੇਰ੍ਹੀਆਂ, ਕੋਰੇ, ਕੰਕਰ, ਲੂਆਂ ਮਰਦਾਂ ਨੇ ਸਭ ਖੁਸ਼ ਹੰਢਾਏ,
'ਰੁੱਖਾਂ ਦੀ ਜੀਰਾਂਦ' ਇਨ੍ਹਾਂ ਦੀ, ਸ਼ੰਖਤਾ ਨੂੰ ਸਮਝਾਉਣਾ ਪੈਂਦਾ।
ਗੋਬਿੰਦ ਆਖੇ 'ਹੱਕ' 'ਧਰਮ' ਲਈ, 'ਨਾਗ ਨਿਵਾਸੀ' ਰਹਿਣਾ ਪੈਂਦਾ,
ਸਭ ਕੁਝ 'ਹੱਕ' ਦੇ ਲੇਖੇ ਲਾ ਕੇ ਰੱਬ ਦਾ ਸ਼ੁਕਰ ਮਨਾਉਣਾ ਪੈਂਦਾ।
ਦਰਦ ਦੀ ਵਿਥਿਆ, ਦਰਦ ਦੇ ਰਿਸ਼ਤੇ ਦਰਦੀ ਦਿਲ ਹੀ ਸਮਝ ਸਕੇ,
ਇਕ ਤੋਂ ਦਰਦ ਛੁਪਾਉਣਾ ਪੈਂਦਾ, ਇਕ ਨੂੰ ਢੂੰਡ ਸੁਣਾਉਣਾ ਪੈਂਦਾ।
